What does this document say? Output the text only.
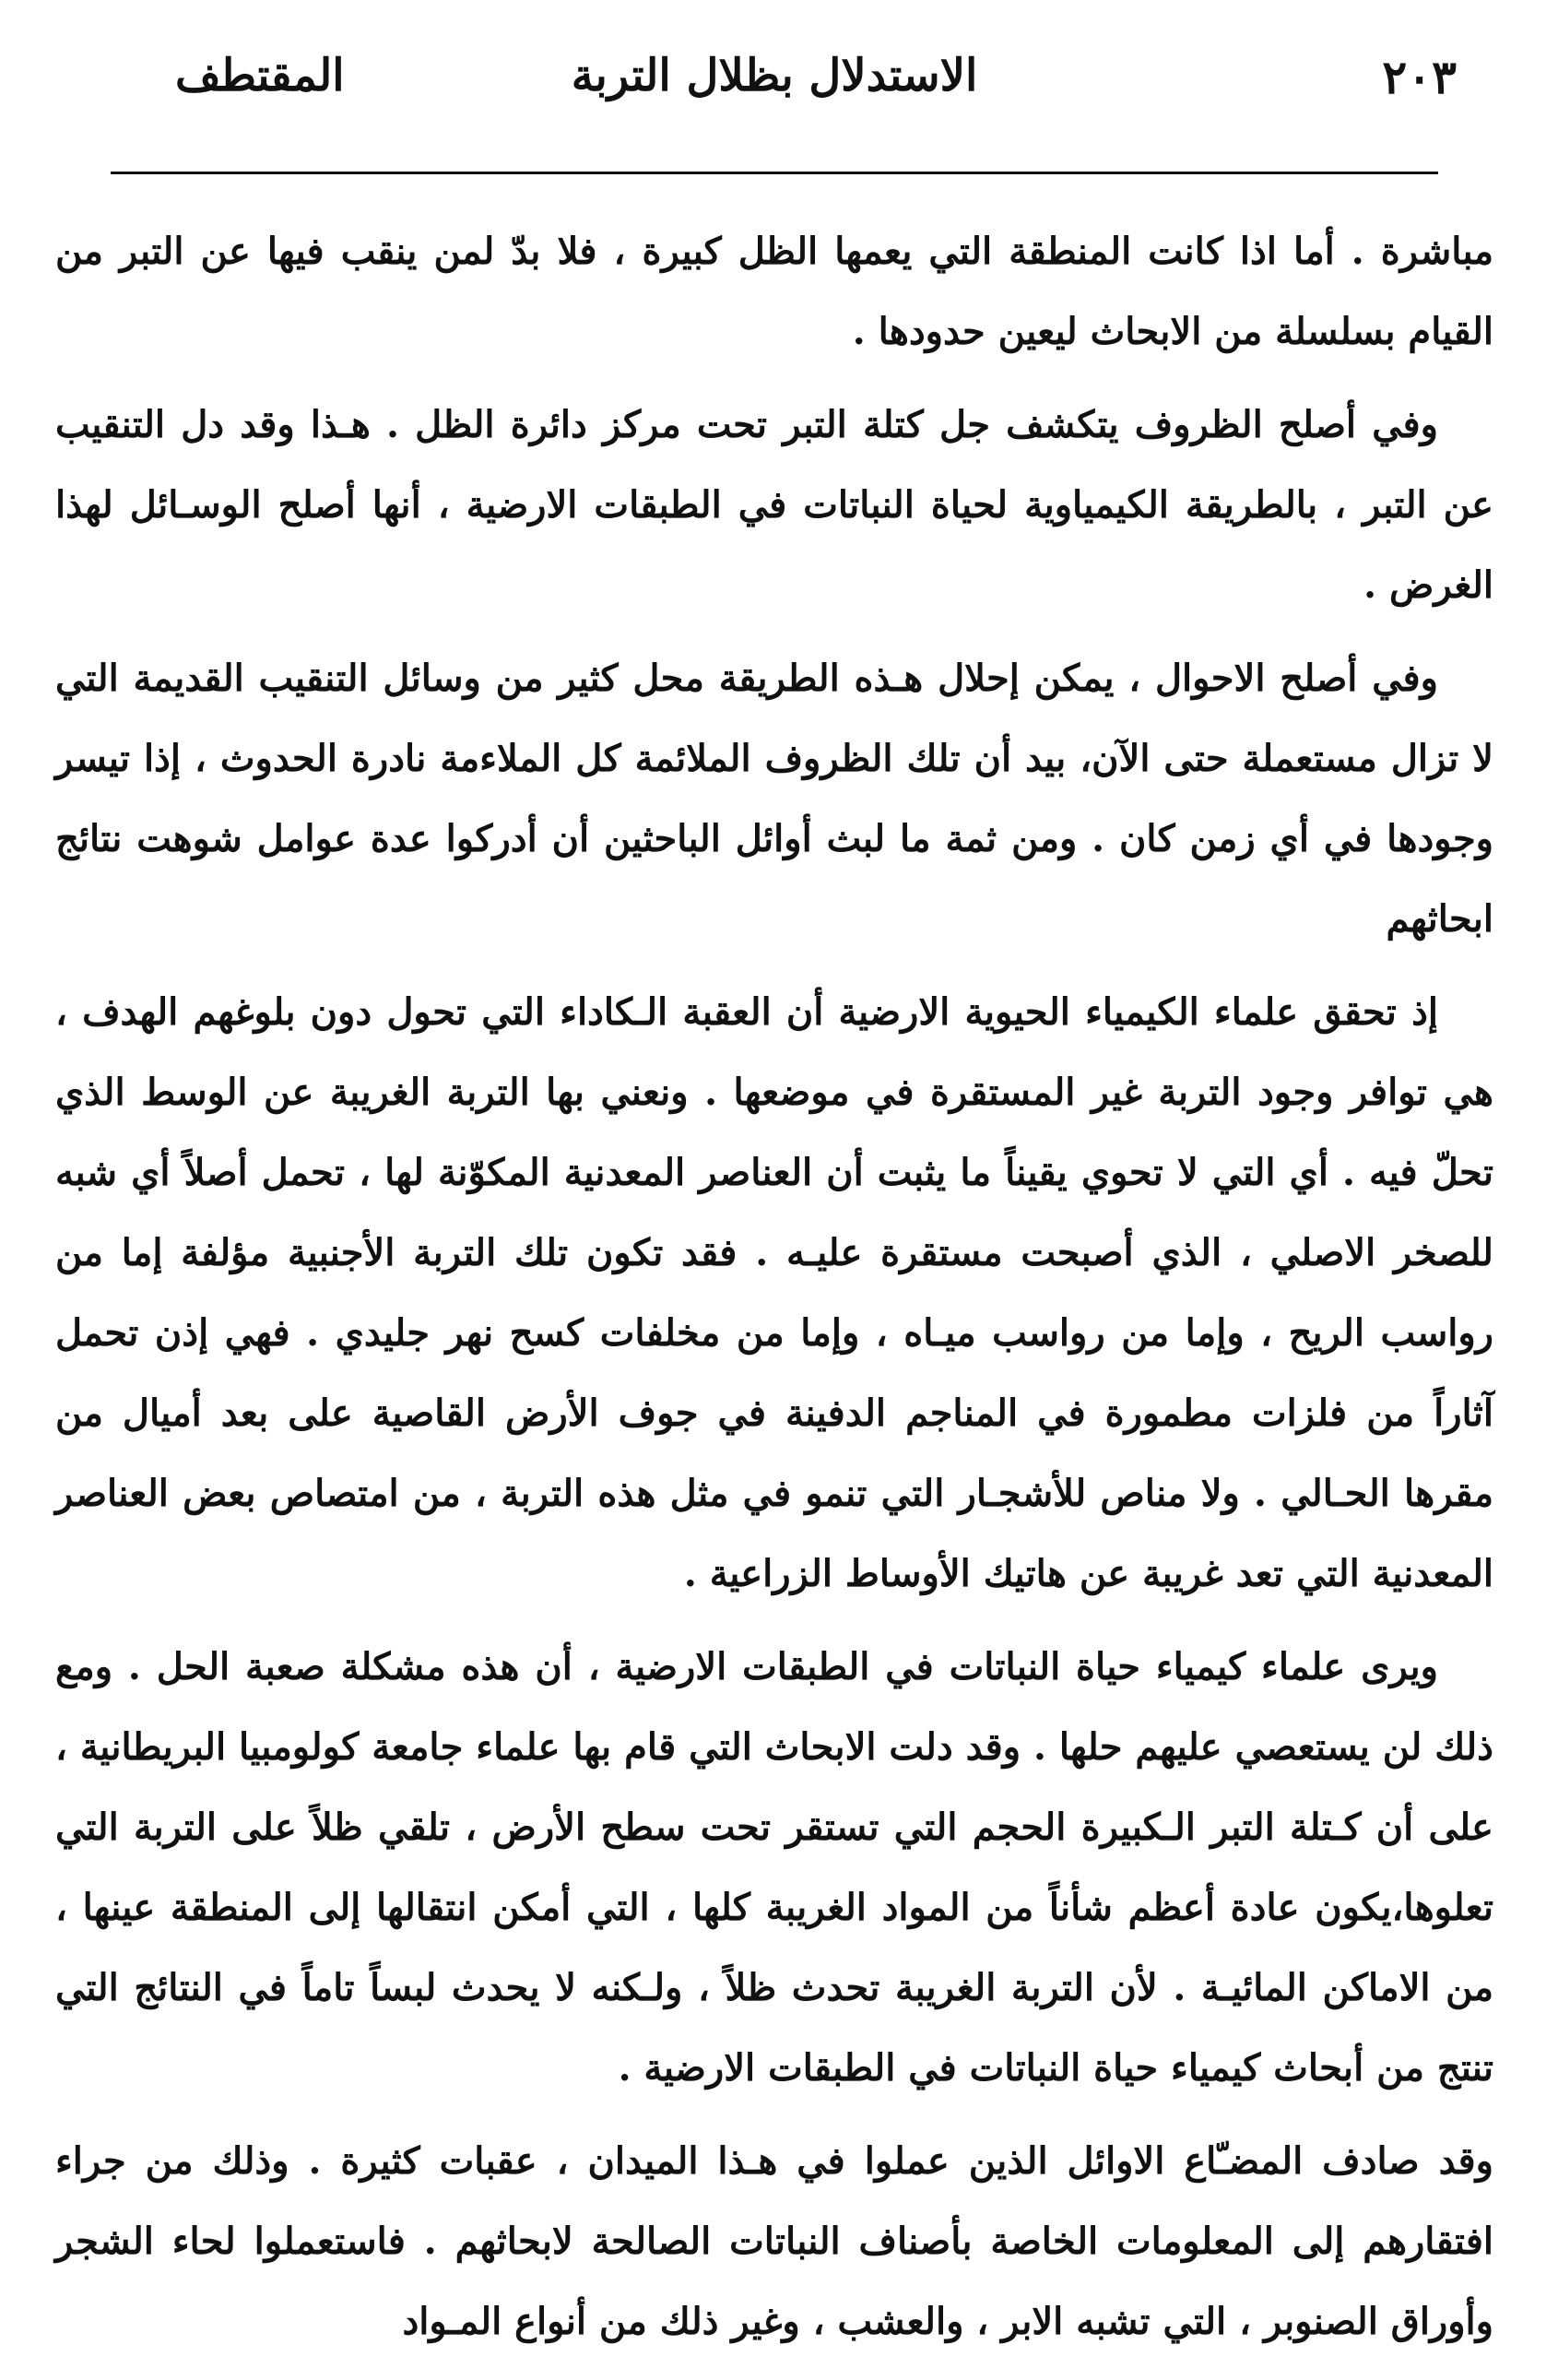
٢٠٣
الاستدلال بظلال التربة
المقتطف

مباشرة . أما اذا كانت المنطقة التي يعمها الظل كبيرة ، فلا بدّ لمن ينقب فيها عن التبر من القيام بسلسلة من الابحاث ليعين حدودها .

وفي أصلح الظروف يتكشف جل كتلة التبر تحت مركز دائرة الظل . هـذا وقد دل التنقيب عن التبر ، بالطريقة الكيمياوية لحياة النباتات في الطبقات الارضية ، أنها أصلح الوسـائل لهذا الغرض .

وفي أصلح الاحوال ، يمكن إحلال هـذه الطريقة محل كثير من وسائل التنقيب القديمة التي لا تزال مستعملة حتى الآن، بيد أن تلك الظروف الملائمة كل الملاءمة نادرة الحدوث ، إذا تيسر وجودها في أي زمن كان . ومن ثمة ما لبث أوائل الباحثين أن أدركوا عدة عوامل شوهت نتائج ابحاثهم

إذ تحقق علماء الكيمياء الحيوية الارضية أن العقبة الـكاداء التي تحول دون بلوغهم الهدف ، هي توافر وجود التربة غير المستقرة في موضعها . ونعني بها التربة الغريبة عن الوسط الذي تحلّ فيه . أي التي لا تحوي يقيناً ما يثبت أن العناصر المعدنية المكوّنة لها ، تحمل أصلاً أي شبه للصخر الاصلي ، الذي أصبحت مستقرة عليـه . فقد تكون تلك التربة الأجنبية مؤلفة إما من رواسب الريح ، وإما من رواسب ميـاه ، وإما من مخلفات كسح نهر جليدي . فهي إذن تحمل آثاراً من فلزات مطمورة في المناجم الدفينة في جوف الأرض القاصية على بعد أميال من مقرها الحـالي . ولا مناص للأشجـار التي تنمو في مثل هذه التربة ، من امتصاص بعض العناصر المعدنية التي تعد غريبة عن هاتيك الأوساط الزراعية .

ويرى علماء كيمياء حياة النباتات في الطبقات الارضية ، أن هذه مشكلة صعبة الحل . ومع ذلك لن يستعصي عليهم حلها . وقد دلت الابحاث التي قام بها علماء جامعة كولومبيا البريطانية ، على أن كـتلة التبر الـكبيرة الحجم التي تستقر تحت سطح الأرض ، تلقي ظلاً على التربة التي تعلوها،يكون عادة أعظم شأناً من المواد الغريبة كلها ، التي أمكن انتقالها إلى المنطقة عينها ، من الاماكن المائيـة . لأن التربة الغريبة تحدث ظلاً ، ولـكنه لا يحدث لبساً تاماً في النتائج التي تنتج من أبحاث كيمياء حياة النباتات في الطبقات الارضية .

وقد صادف المضـّاع الاوائل الذين عملوا في هـذا الميدان ، عقبات كثيرة . وذلك من جراء افتقارهم إلى المعلومات الخاصة بأصناف النباتات الصالحة لابحاثهم . فاستعملوا لحاء الشجر وأوراق الصنوبر ، التي تشبه الابر ، والعشب ، وغير ذلك من أنواع المـواد
